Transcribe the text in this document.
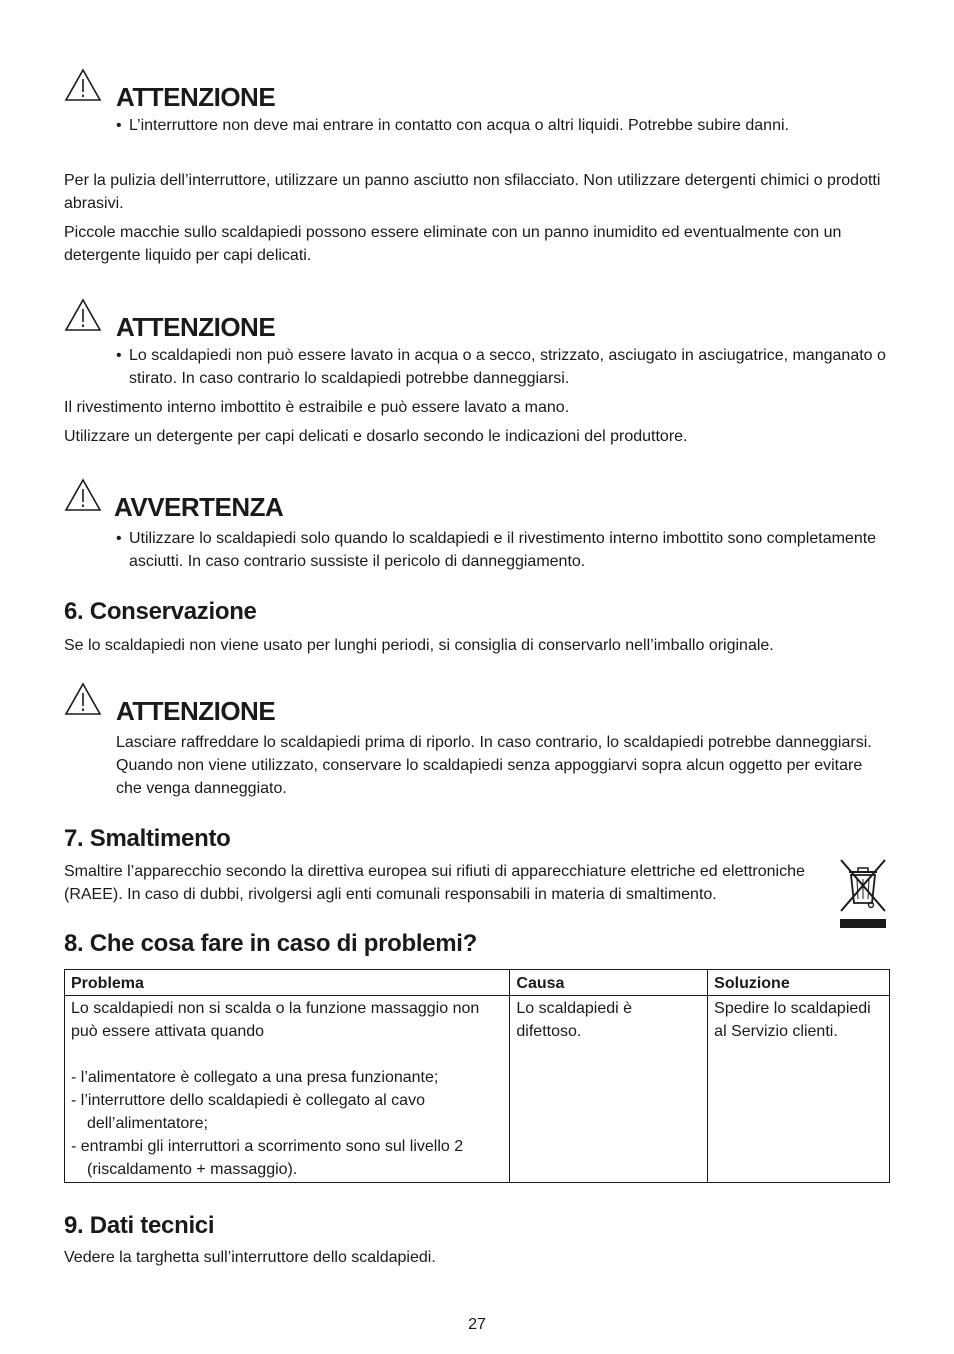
ATTENZIONE
• L’interruttore non deve mai entrare in contatto con acqua o altri liquidi. Potrebbe subire danni.

Per la pulizia dell’interruttore, utilizzare un panno asciutto non sfilacciato. Non utilizzare detergenti chimici o prodotti abrasivi.

Piccole macchie sullo scaldapiedi possono essere eliminate con un panno inumidito ed eventualmente con un detergente liquido per capi delicati.

ATTENZIONE
• Lo scaldapiedi non può essere lavato in acqua o a secco, strizzato, asciugato in asciugatrice, manganato o stirato. In caso contrario lo scaldapiedi potrebbe danneggiarsi.

Il rivestimento interno imbottito è estraibile e può essere lavato a mano.

Utilizzare un detergente per capi delicati e dosarlo secondo le indicazioni del produttore.

AVVERTENZA
• Utilizzare lo scaldapiedi solo quando lo scaldapiedi e il rivestimento interno imbottito sono completamente asciutti. In caso contrario sussiste il pericolo di danneggiamento.
6. Conservazione

Se lo scaldapiedi non viene usato per lunghi periodi, si consiglia di conservarlo nell’imballo originale.

ATTENZIONE
Lasciare raffreddare lo scaldapiedi prima di riporlo. In caso contrario, lo scaldapiedi potrebbe danneggiarsi. Quando non viene utilizzato, conservare lo scaldapiedi senza appoggiarvi sopra alcun oggetto per evitare che venga danneggiato.
7. Smaltimento

Smaltire l’apparecchio secondo la direttiva europea sui rifiuti di apparecchiature elettriche ed elettroniche (RAEE). In caso di dubbi, rivolgersi agli enti comunali responsabili in materia di smaltimento.

8. Che cosa fare in caso di problemi?
Problema	Causa	Soluzione

Lo scaldapiedi non si scalda o la funzione massaggio non può essere attivata quando
- l’alimentatore è collegato a una presa funzionante;
- l’interruttore dello scaldapiedi è collegato al cavo dell’alimentatore;
- entrambi gli interruttori a scorrimento sono sul livello 2 (riscaldamento + massaggio).	Lo scaldapiedi è difettoso.	Spedire lo scaldapiedi al Servizio clienti.
9. Dati tecnici

Vedere la targhetta sull’interruttore dello scaldapiedi.

27
